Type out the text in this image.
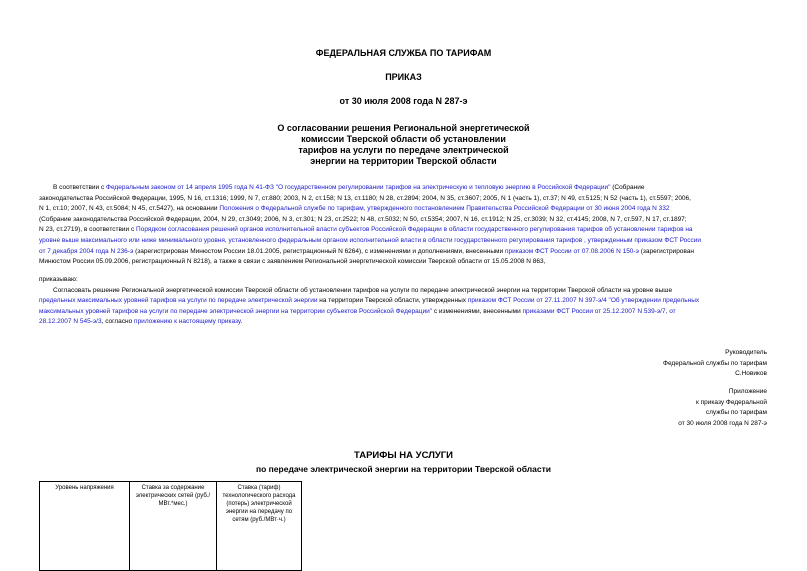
ФЕДЕРАЛЬНАЯ СЛУЖБА ПО ТАРИФАМ
ПРИКАЗ
от 30 июля 2008 года N 287-э
О согласовании решения Региональной энергетической
комиссии Тверской области об установлении
тарифов на услуги по передаче электрической
энергии на территории Тверской области
В соответствии с Федеральным законом от 14 апреля 1995 года N 41-ФЗ "О государственном регулировании тарифов на электрическую и тепловую энергию в Российской Федерации" (Собрание
законодательства Российской Федерации, 1995, N 16, ст.1316; 1999, N 7, ст.880; 2003, N 2, ст.158; N 13, ст.1180; N 28, ст.2894; 2004, N 35, ст.3607; 2005, N 1 (часть 1), ст.37; N 49, ст.5125; N 52 (часть 1), ст.5597; 2006,
N 1, ст.10; 2007, N 43, ст.5084; N 45, ст.5427), на основании Положения о Федеральной службе по тарифам, утвержденного постановлением Правительства Российской Федерации от 30 июня 2004 года N 332
(Собрание законодательства Российской Федерации, 2004, N 29, ст.3049; 2006, N 3, ст.301; N 23, ст.2522; N 48, ст.5032; N 50, ст.5354; 2007, N 16, ст.1912; N 25, ст.3039; N 32, ст.4145; 2008, N 7, ст.597, N 17, ст.1897;
N 23, ст.2719), в соответствии с Порядком согласования решений органов исполнительной власти субъектов Российской Федерации в области государственного регулирования тарифов об установлении тарифов на
уровне выше максимального или ниже минимального уровня, установленного федеральным органом исполнительной власти в области государственного регулирования тарифов , утвержденным приказом ФСТ России
от 7 декабря 2004 года N 236-э (зарегистрирован Минюстом России 18.01.2005, регистрационный N 6264), с изменениями и дополнениями, внесенными приказом ФСТ России от 07.08.2006 N 150-э (зарегистрирован
Минюстом России 05.09.2006, регистрационный N 8218), а также в связи с заявлением Региональной энергетической комиссии Тверской области от 15.05.2008 N 863,
приказываю:
Согласовать решение Региональной энергетической комиссии Тверской области об установлении тарифов на услуги по передаче электрической энергии на территории Тверской области на уровне выше
предельных максимальных уровней тарифов на услуги по передаче электрической энергии на территории Тверской области, утвержденных приказом ФСТ России от 27.11.2007 N 397-э/4 "Об утверждении предельных
максимальных уровней тарифов на услуги по передаче электрической энергии на территории субъектов Российской Федерации" с изменениями, внесенными приказами ФСТ России от 25.12.2007 N 539-э/7, от
28.12.2007 N 545-э/3, согласно приложению к настоящему приказу.
Руководитель
Федеральной службы по тарифам
С.Новиков
Приложение
к приказу Федеральной
службы по тарифам
от 30 июля 2008 года N 287-э
ТАРИФЫ НА УСЛУГИ
по передаче электрической энергии на территории Тверской области
Уровень напряжения	Ставка за содержание электрических сетей (руб./МВт.*мес.)	Ставка (тариф) технологического расхода (потерь) электрической энергии на передачу по сетям (руб./МВт·ч.)
